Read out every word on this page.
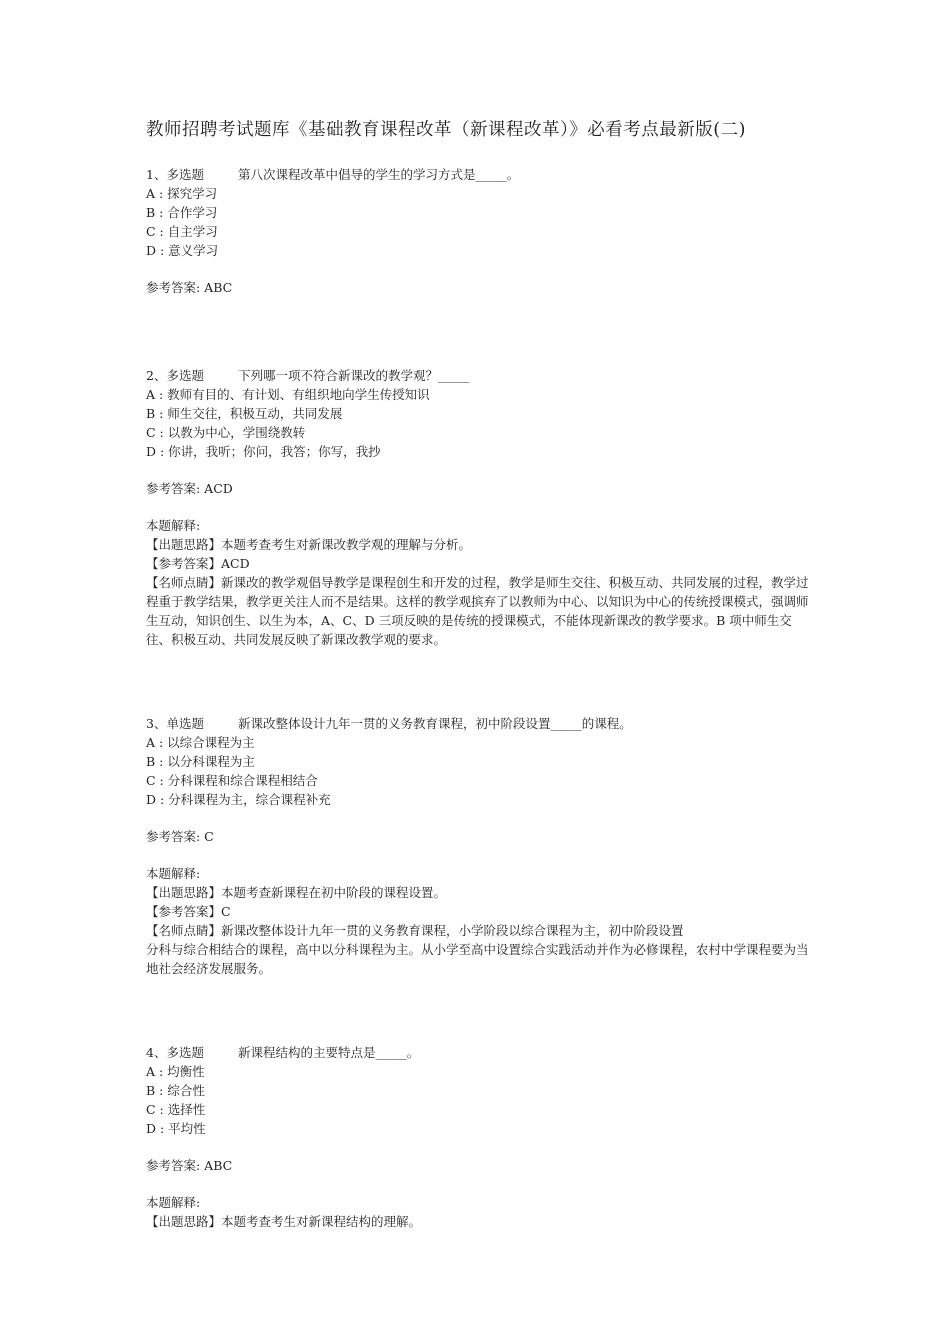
教师招聘考试题库《基础教育课程改革（新课程改革）》必看考点最新版(二)
1、多选题	第八次课程改革中倡导的学生的学习方式是_____。
A : 探究学习
B : 合作学习
C : 自主学习
D : 意义学习
参考答案: ABC
2、多选题	下列哪一项不符合新课改的教学观？_____
A : 教师有目的、有计划、有组织地向学生传授知识
B : 师生交往，积极互动，共同发展
C : 以教为中心，学围绕教转
D : 你讲，我听；你问，我答；你写，我抄
参考答案: ACD
本题解释:
【出题思路】本题考查考生对新课改教学观的理解与分析。
【参考答案】ACD
【名师点睛】新课改的教学观倡导教学是课程创生和开发的过程，教学是师生交往、积极互动、共同发展的过程，教学过程重于教学结果，教学更关注人而不是结果。这样的教学观摈弃了以教师为中心、以知识为中心的传统授课模式，强调师生互动，知识创生、以生为本，A、C、D 三项反映的是传统的授课模式，不能体现新课改的教学要求。B 项中师生交往、积极互动、共同发展反映了新课改教学观的要求。
3、单选题	新课改整体设计九年一贯的义务教育课程，初中阶段设置_____的课程。
A : 以综合课程为主
B : 以分科课程为主
C : 分科课程和综合课程相结合
D : 分科课程为主，综合课程补充
参考答案: C
本题解释:
【出题思路】本题考查新课程在初中阶段的课程设置。
【参考答案】C
【名师点睛】新课改整体设计九年一贯的义务教育课程，小学阶段以综合课程为主，初中阶段设置
分科与综合相结合的课程，高中以分科课程为主。从小学至高中设置综合实践活动并作为必修课程，农村中学课程要为当地社会经济发展服务。
4、多选题	新课程结构的主要特点是_____。
A : 均衡性
B : 综合性
C : 选择性
D : 平均性
参考答案: ABC
本题解释:
【出题思路】本题考查考生对新课程结构的理解。
